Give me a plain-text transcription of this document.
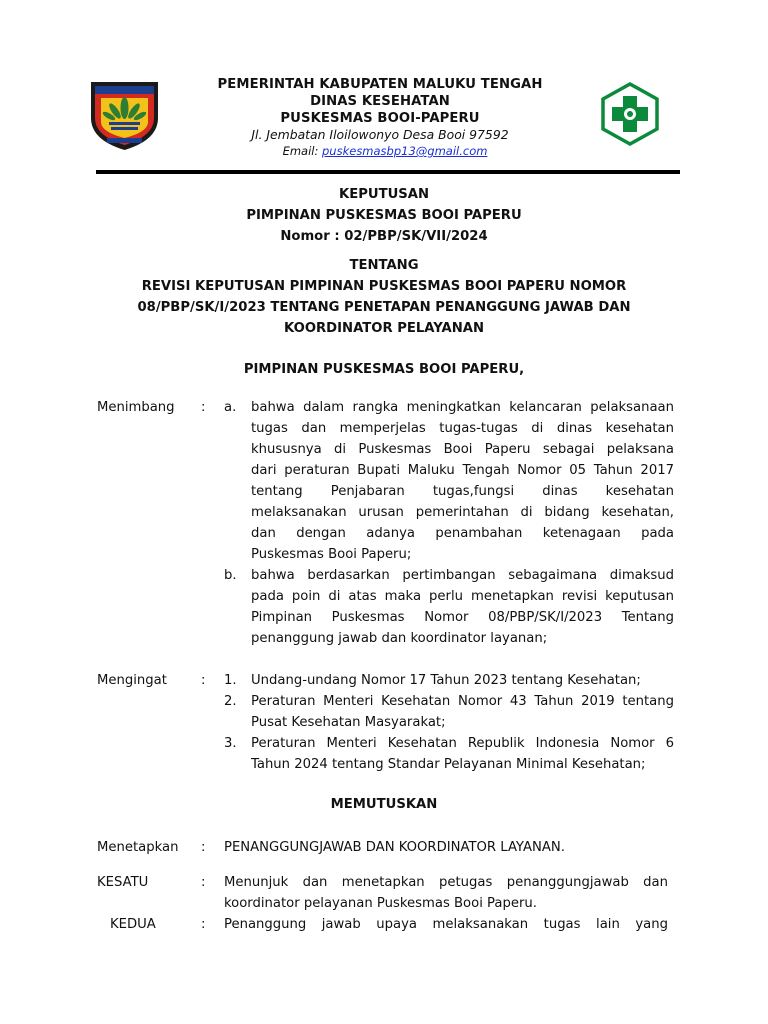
PEMERINTAH KABUPATEN MALUKU TENGAH
DINAS KESEHATAN
PUSKESMAS BOOI-PAPERU
Jl. Jembatan Iloilowonyo Desa Booi 97592
Email: puskesmasbp13@gmail.com
KEPUTUSAN
PIMPINAN PUSKESMAS BOOI PAPERU
Nomor : 02/PBP/SK/VII/2024
TENTANG
REVISI KEPUTUSAN PIMPINAN PUSKESMAS BOOI PAPERU NOMOR
08/PBP/SK/I/2023 TENTANG PENETAPAN PENANGGUNG JAWAB DAN
KOORDINATOR PELAYANAN
PIMPINAN PUSKESMAS BOOI PAPERU,
Menimbang : a. bahwa dalam rangka meningkatkan kelancaran pelaksanaan
tugas dan memperjelas tugas-tugas di dinas kesehatan
khususnya di Puskesmas Booi Paperu sebagai pelaksana
dari peraturan Bupati Maluku Tengah Nomor 05 Tahun 2017
tentang Penjabaran tugas,fungsi dinas kesehatan
melaksanakan urusan pemerintahan di bidang kesehatan,
dan dengan adanya penambahan ketenagaan pada
Puskesmas Booi Paperu;
b. bahwa berdasarkan pertimbangan sebagaimana dimaksud
pada poin di atas maka perlu menetapkan revisi keputusan
Pimpinan Puskesmas Nomor 08/PBP/SK/I/2023 Tentang
penanggung jawab dan koordinator layanan;
Mengingat	: 1. Undang-undang Nomor 17 Tahun 2023 tentang Kesehatan;
2. Peraturan Menteri Kesehatan Nomor 43 Tahun 2019 tentang
Pusat Kesehatan Masyarakat;
3. Peraturan Menteri Kesehatan Republik Indonesia Nomor 6
Tahun 2024 tentang Standar Pelayanan Minimal Kesehatan;
MEMUTUSKAN
Menetapkan : PENANGGUNGJAWAB DAN KOORDINATOR LAYANAN.
KESATU	: Menunjuk dan menetapkan petugas penanggungjawab dan
koordinator pelayanan Puskesmas Booi Paperu.
KEDUA	: Penanggung jawab upaya melaksanakan tugas lain yang
